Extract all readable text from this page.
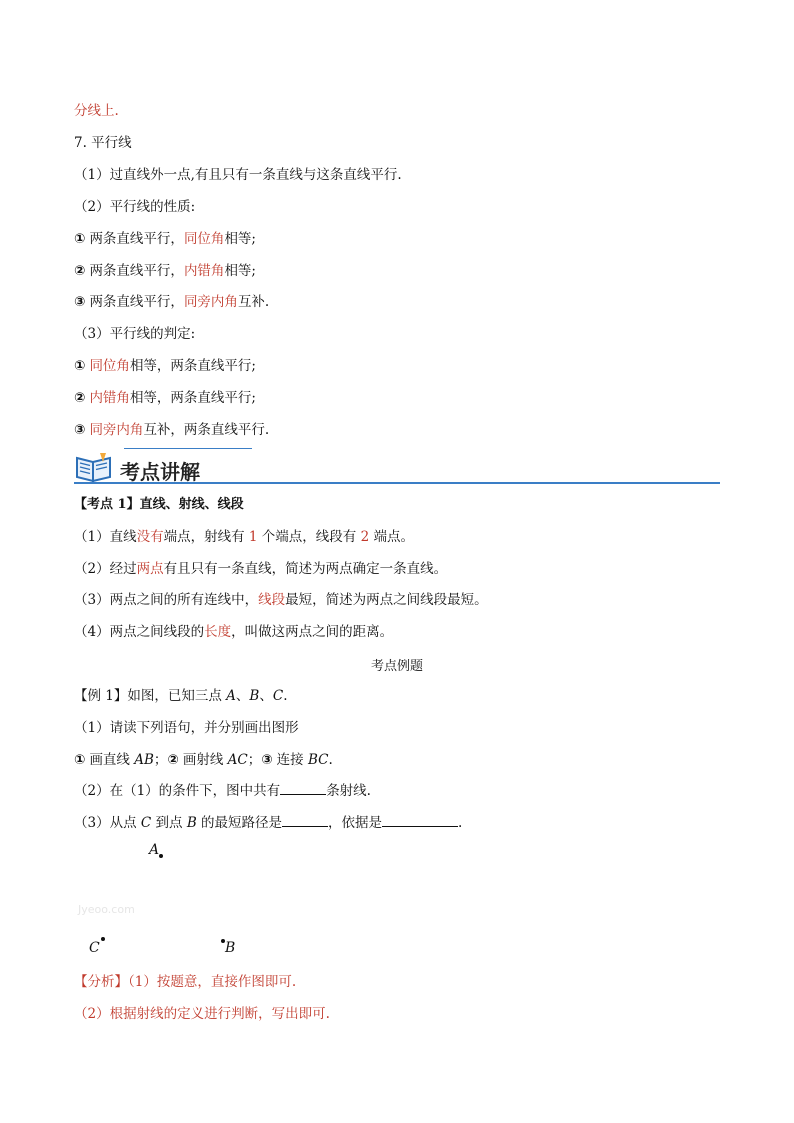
分线上.
7. 平行线
（1）过直线外一点,有且只有一条直线与这条直线平行.
（2）平行线的性质:
① 两条直线平行，同位角相等;
② 两条直线平行，内错角相等;
③ 两条直线平行，同旁内角互补.
（3）平行线的判定:
① 同位角相等，两条直线平行;
② 内错角相等，两条直线平行;
③ 同旁内角互补，两条直线平行.
考点讲解
【考点 1】直线、射线、线段
（1）直线没有端点，射线有 1 个端点，线段有 2 端点。
（2）经过两点有且只有一条直线，简述为两点确定一条直线。
（3）两点之间的所有连线中，线段最短，简述为两点之间线段最短。
（4）两点之间线段的长度，叫做这两点之间的距离。
考点例题
【例 1】如图，已知三点 A、B、C.
（1）请读下列语句，并分别画出图形
① 画直线 AB；② 画射线 AC；③ 连接 BC.
（2）在（1）的条件下，图中共有	条射线.
（3）从点 C 到点 B 的最短路径是	，依据是	.
A
Jyeoo.com
C	B
【分析】（1）按题意，直接作图即可.
（2）根据射线的定义进行判断，写出即可.
